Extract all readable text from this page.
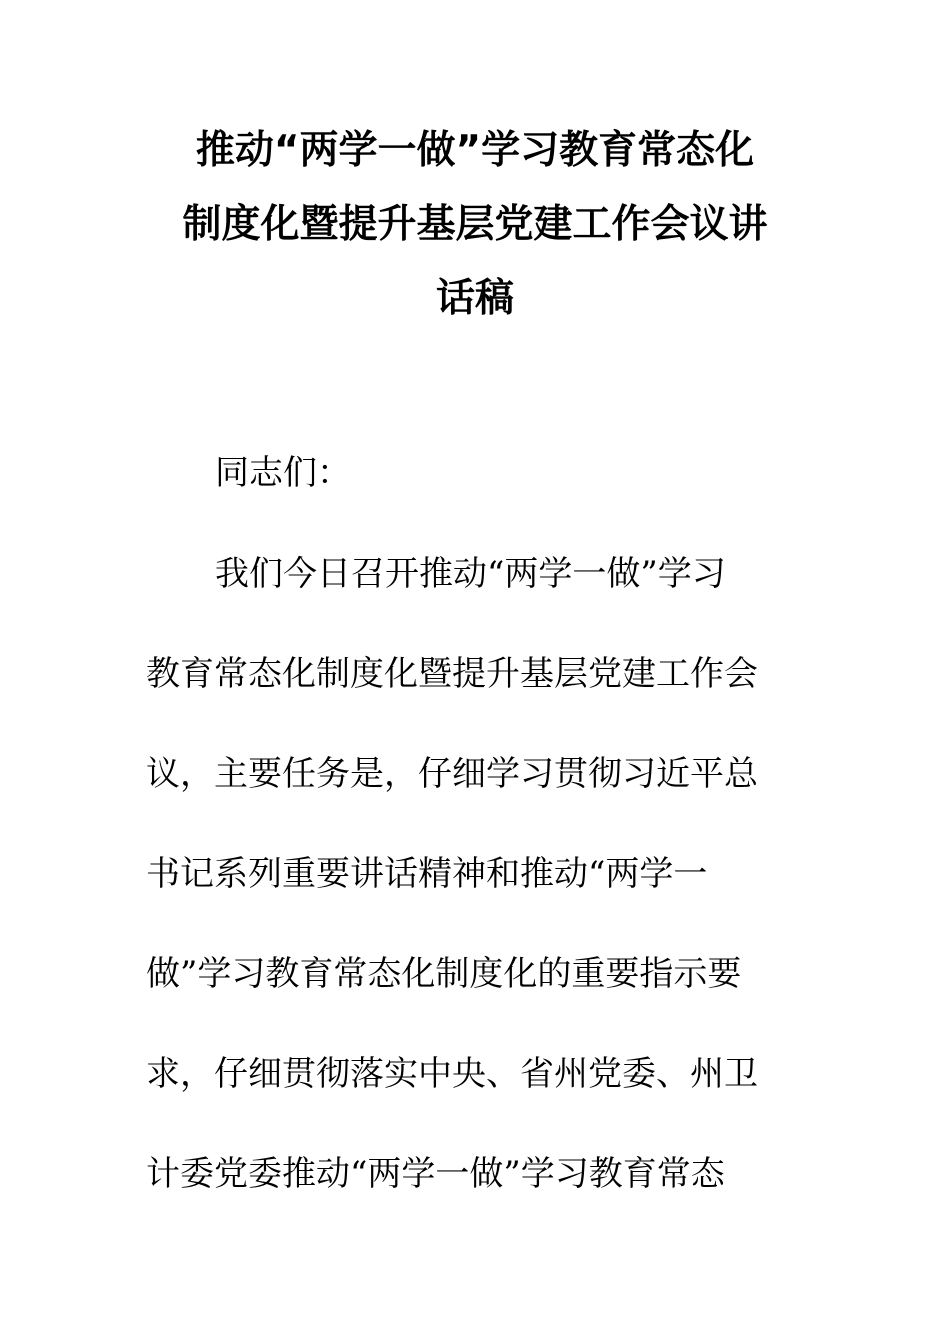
推动“两学一做”学习教育常态化
制度化暨提升基层党建工作会议讲
话稿
同志们：
我们今日召开推动“两学一做”学习
教育常态化制度化暨提升基层党建工作会
议，主要任务是，仔细学习贯彻习近平总
书记系列重要讲话精神和推动“两学一
做”学习教育常态化制度化的重要指示要
求，仔细贯彻落实中央、省州党委、州卫
计委党委推动“两学一做”学习教育常态
